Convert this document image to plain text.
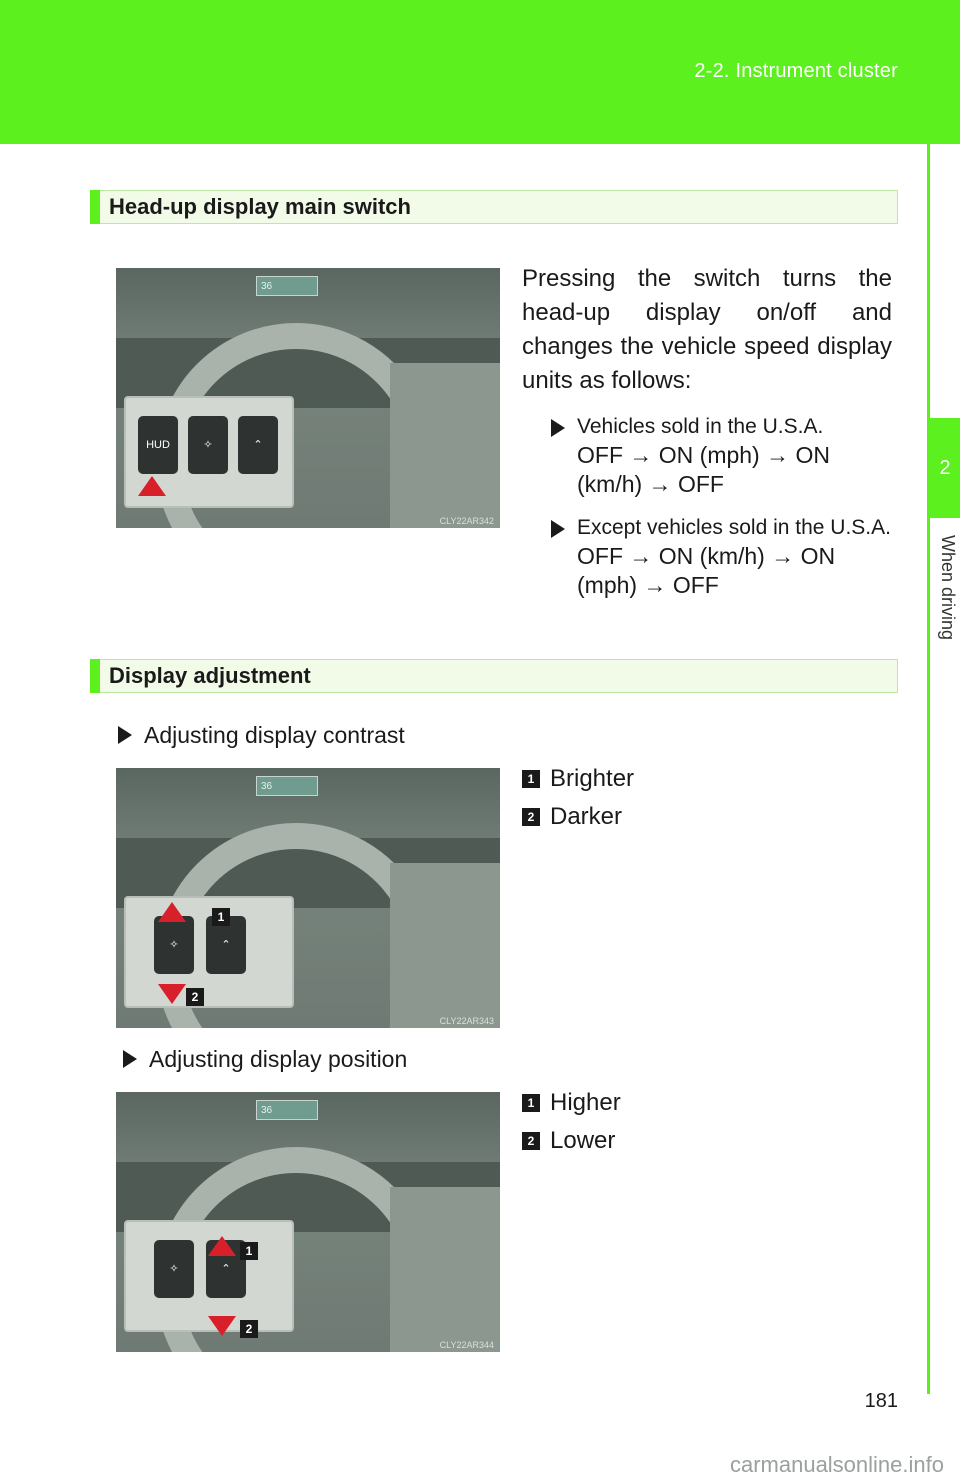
2-2. Instrument cluster
2
When driving
Head-up display main switch
36
HUD	✧	⌃
CLY22AR342
Pressing the switch turns the head-up display on/off and changes the vehicle speed display units as follows:
Vehicles sold in the U.S.A.
OFF → ON (mph) → ON (km/h) → OFF
Except vehicles sold in the U.S.A.
OFF → ON (km/h) → ON (mph) → OFF
Display adjustment
Adjusting display contrast
36
✧	⌃
1
2
CLY22AR343
1 Brighter
2 Darker
Adjusting display position
36
✧	⌃
1
2
CLY22AR344
1 Higher
2 Lower
181
carmanualsonline.info
